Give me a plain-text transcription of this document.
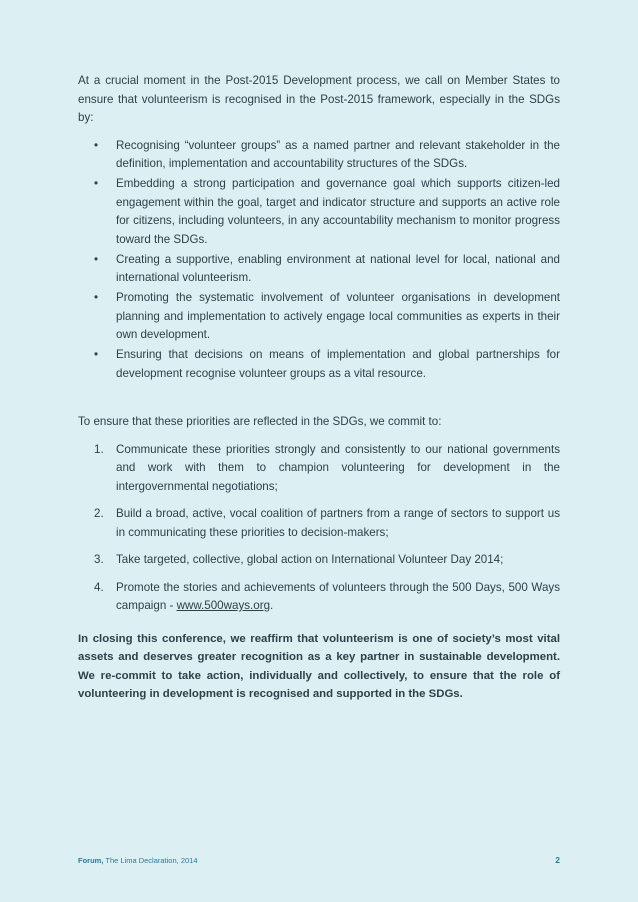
At a crucial moment in the Post-2015 Development process, we call on Member States to ensure that volunteerism is recognised in the Post-2015 framework, especially in the SDGs by:

• Recognising “volunteer groups” as a named partner and relevant stakeholder in the definition, implementation and accountability structures of the SDGs.
• Embedding a strong participation and governance goal which supports citizen-led engagement within the goal, target and indicator structure and supports an active role for citizens, including volunteers, in any accountability mechanism to monitor progress toward the SDGs.
• Creating a supportive, enabling environment at national level for local, national and international volunteerism.
• Promoting the systematic involvement of volunteer organisations in development planning and implementation to actively engage local communities as experts in their own development.
• Ensuring that decisions on means of implementation and global partnerships for development recognise volunteer groups as a vital resource.

To ensure that these priorities are reflected in the SDGs, we commit to:

1. Communicate these priorities strongly and consistently to our national governments and work with them to champion volunteering for development in the intergovernmental negotiations;
2. Build a broad, active, vocal coalition of partners from a range of sectors to support us in communicating these priorities to decision-makers;
3. Take targeted, collective, global action on International Volunteer Day 2014;
4. Promote the stories and achievements of volunteers through the 500 Days, 500 Ways campaign - www.500ways.org.

In closing this conference, we reaffirm that volunteerism is one of society’s most vital assets and deserves greater recognition as a key partner in sustainable development. We re-commit to take action, individually and collectively, to ensure that the role of volunteering in development is recognised and supported in the SDGs.

Forum, The Lima Declaration, 2014	2
